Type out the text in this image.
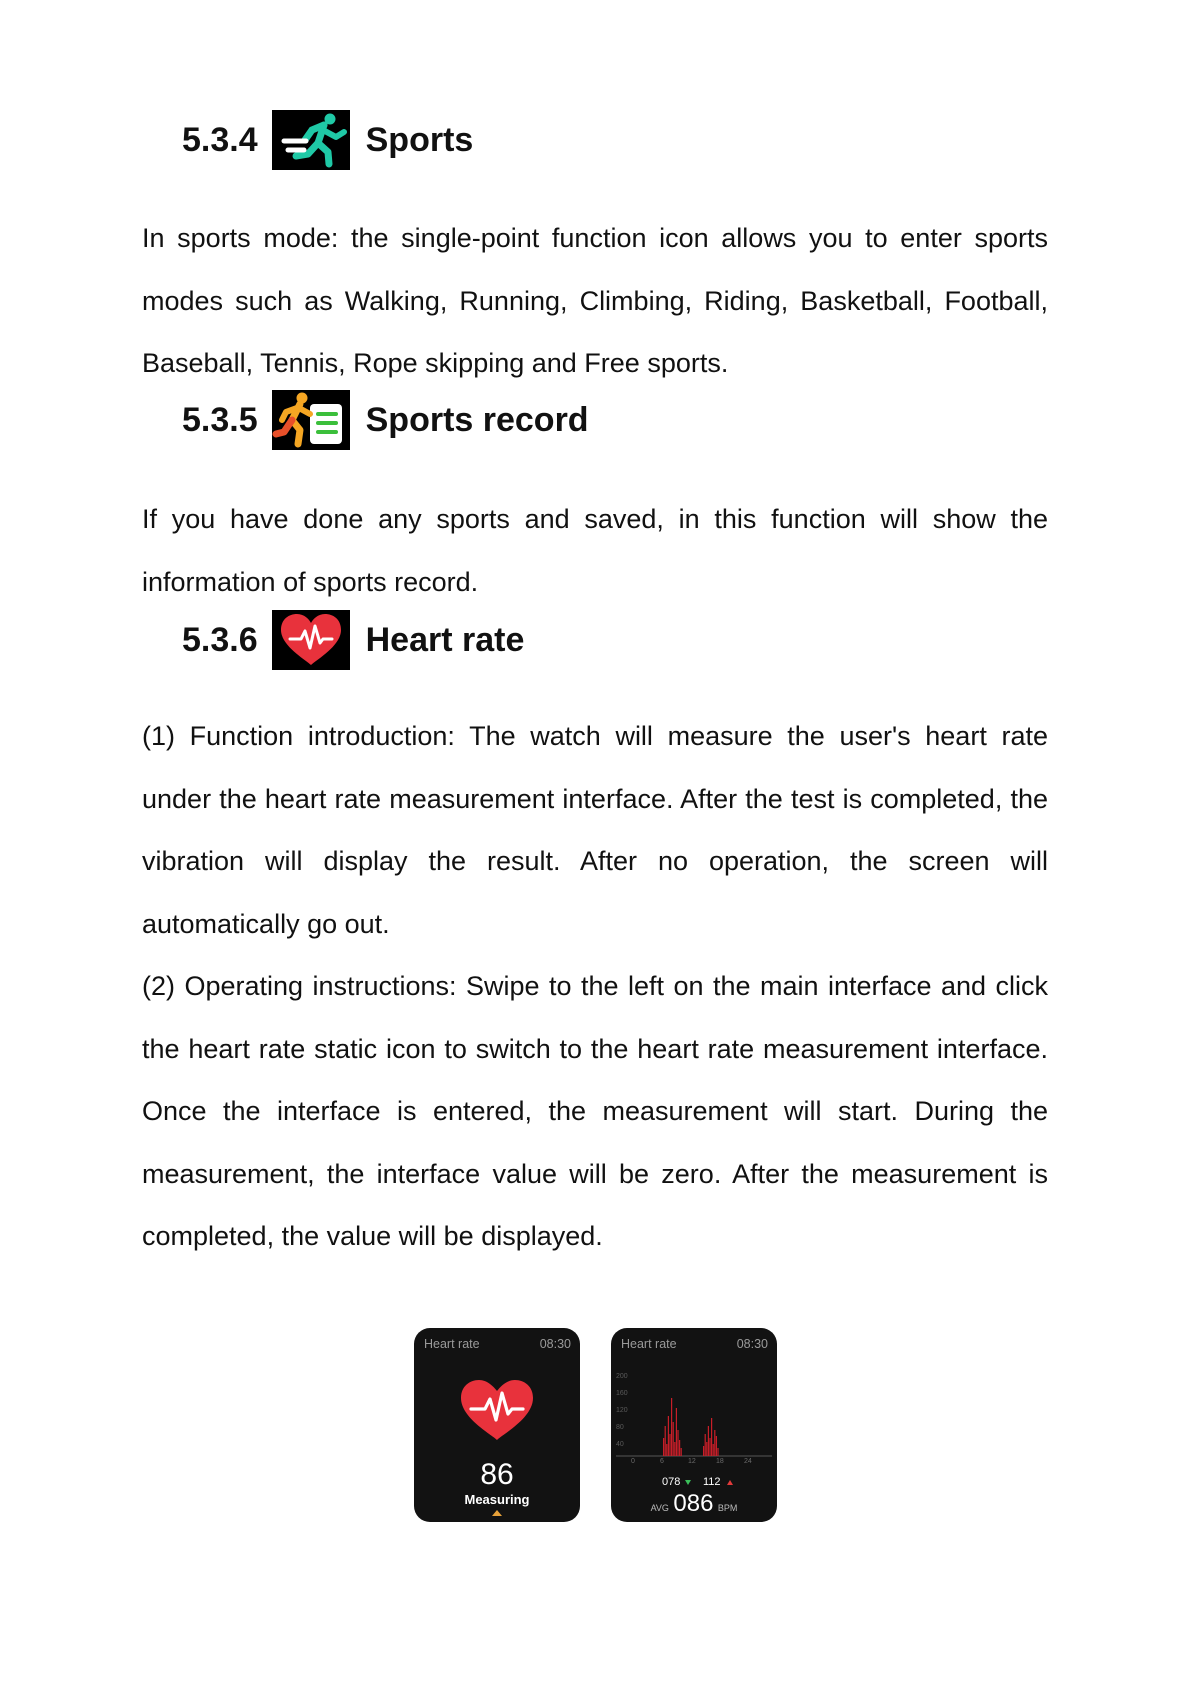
5.3.4	Sports

In sports mode: the single-point function icon allows you to enter sports modes such as Walking, Running, Climbing, Riding, Basketball, Football, Baseball, Tennis, Rope skipping and Free sports.

5.3.5	Sports record

If you have done any sports and saved, in this function will show the information of sports record.

5.3.6	Heart rate

(1) Function introduction: The watch will measure the user's heart rate under the heart rate measurement interface. After the test is completed, the vibration will display the result. After no operation, the screen will automatically go out.

(2) Operating instructions: Swipe to the left on the main interface and click the heart rate static icon to switch to the heart rate measurement interface. Once the interface is entered, the measurement will start. During the measurement, the interface value will be zero. After the measurement is completed, the value will be displayed.

Heart rate	08:30
86
Measuring
Heart rate	08:30
200
160
120
80
40
0	6	12	18	24
078 112
AVG 086 BPM
